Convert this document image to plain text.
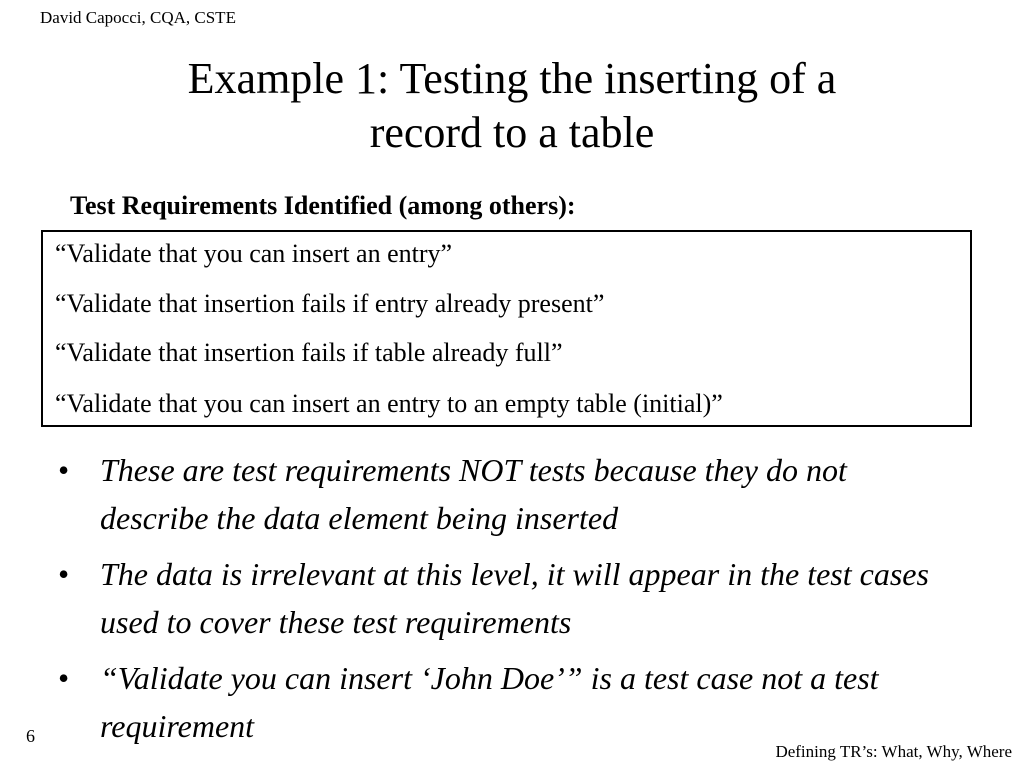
David Capocci, CQA, CSTE
Example 1: Testing the inserting of a
record to a table
Test Requirements Identified (among others):
“Validate that you can insert an entry”
“Validate that insertion fails if entry already present”
“Validate that insertion fails if table already full”
“Validate that you can insert an entry to an empty table (initial)”
• These are test requirements NOT tests because they do not describe the data element being inserted
• The data is irrelevant at this level, it will appear in the test cases used to cover these test requirements
• “Validate you can insert ‘John Doe’” is a test case not a test requirement
6
Defining TR’s: What, Why, Where
